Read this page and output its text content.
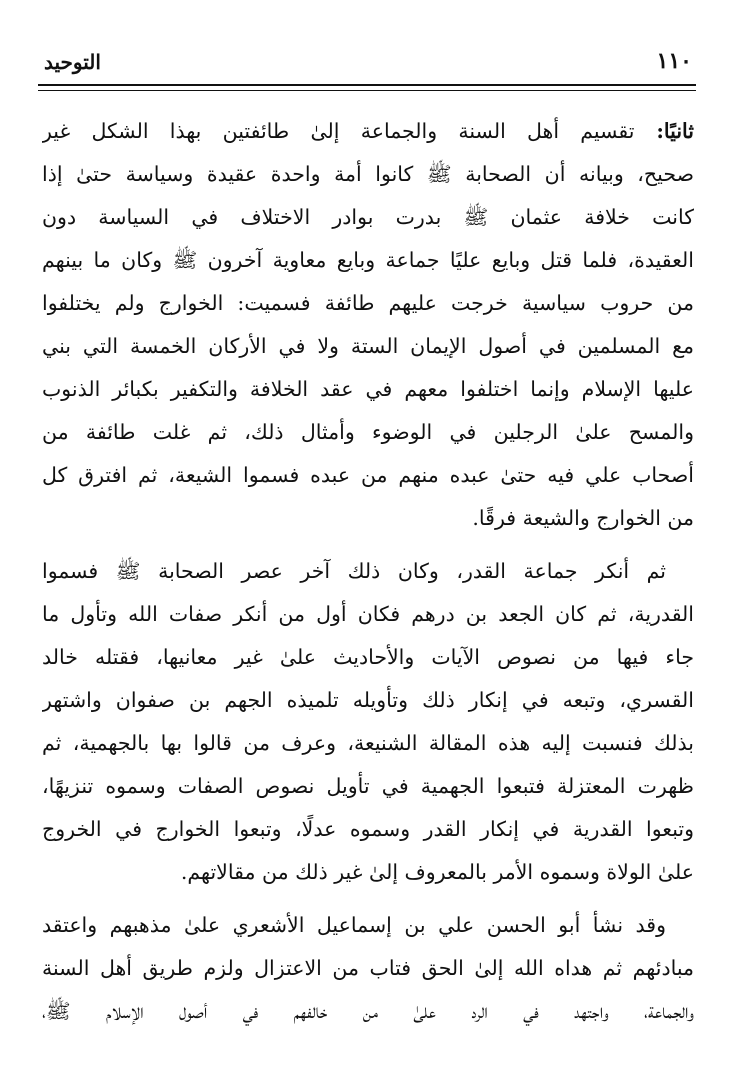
١١٠
التوحيد
ثانيًا: تقسيم أهل السنة والجماعة إلىٰ طائفتين بهذا الشكل غير
صحيح، وبيانه أن الصحابة ﷺ كانوا أمة واحدة عقيدة وسياسة حتىٰ إذا
كانت خلافة عثمان ﷺ بدرت بوادر الاختلاف في السياسة دون
العقيدة، فلما قتل وبايع عليًا جماعة وبايع معاوية آخرون ﷺ وكان ما بينهم
من حروب سياسية خرجت عليهم طائفة فسميت: الخوارج ولم يختلفوا
مع المسلمين في أصول الإيمان الستة ولا في الأركان الخمسة التي بني
عليها الإسلام وإنما اختلفوا معهم في عقد الخلافة والتكفير بكبائر الذنوب
والمسح علىٰ الرجلين في الوضوء وأمثال ذلك، ثم غلت طائفة من
أصحاب علي فيه حتىٰ عبده منهم من عبده فسموا الشيعة، ثم افترق كل
من الخوارج والشيعة فرقًا.
ثم أنكر جماعة القدر، وكان ذلك آخر عصر الصحابة ﷺ فسموا
القدرية، ثم كان الجعد بن درهم فكان أول من أنكر صفات الله وتأول ما
جاء فيها من نصوص الآيات والأحاديث علىٰ غير معانيها، فقتله خالد
القسري، وتبعه في إنكار ذلك وتأويله تلميذه الجهم بن صفوان واشتهر
بذلك فنسبت إليه هذه المقالة الشنيعة، وعرف من قالوا بها بالجهمية، ثم
ظهرت المعتزلة فتبعوا الجهمية في تأويل نصوص الصفات وسموه تنزيهًا،
وتبعوا القدرية في إنكار القدر وسموه عدلًا، وتبعوا الخوارج في الخروج
علىٰ الولاة وسموه الأمر بالمعروف إلىٰ غير ذلك من مقالاتهم.
وقد نشأ أبو الحسن علي بن إسماعيل الأشعري علىٰ مذهبهم واعتقد
مبادئهم ثم هداه الله إلىٰ الحق فتاب من الاعتزال ولزم طريق أهل السنة
والجماعة، واجتهد في الرد علىٰ من خالفهم في أصول الإسلام ﷺ،
